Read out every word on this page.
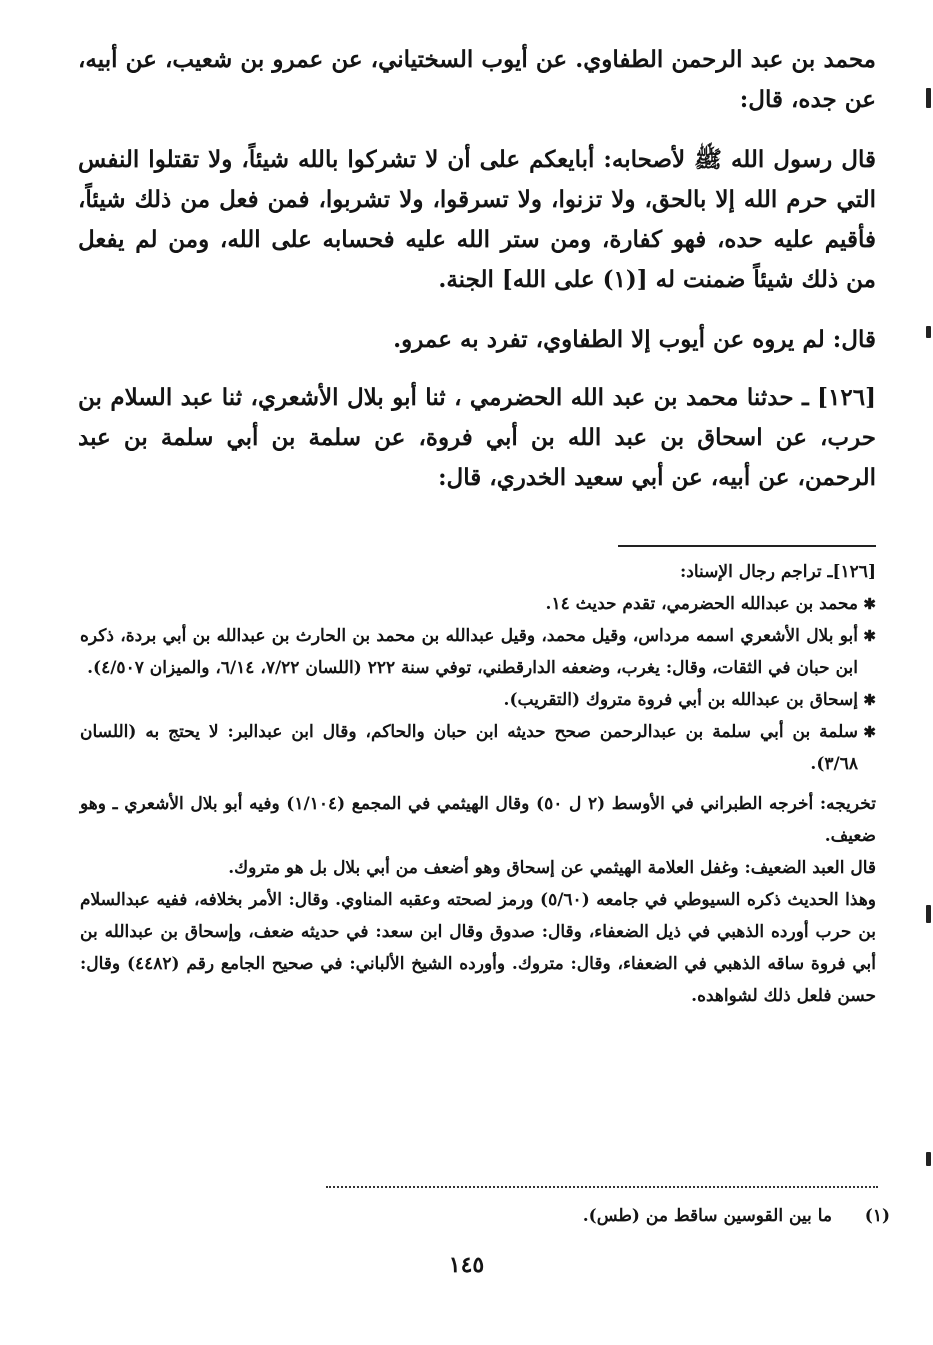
محمد بن عبد الرحمن الطفاوي. عن أيوب السختياني، عن عمرو بن شعيب، عن أبيه، عن جده، قال:

قال رسول الله ﷺ لأصحابه: أبايعكم على أن لا تشركوا بالله شيئاً، ولا تقتلوا النفس التي حرم الله إلا بالحق، ولا تزنوا، ولا تسرقوا، ولا تشربوا، فمن فعل من ذلك شيئاً، فأقيم عليه حده، فهو كفارة، ومن ستر الله عليه فحسابه على الله، ومن لم يفعل من ذلك شيئاً ضمنت له [(١) على الله] الجنة.

قال: لم يروه عن أيوب إلا الطفاوي، تفرد به عمرو.

[١٢٦] ـ حدثنا محمد بن عبد الله الحضرمي ، ثنا أبو بلال الأشعري، ثنا عبد السلام بن حرب، عن اسحاق بن عبد الله بن أبي فروة، عن سلمة بن أبي سلمة بن عبد الرحمن، عن أبيه، عن أبي سعيد الخدري، قال:

[١٢٦]ـ تراجم رجال الإسناد:

✱
محمد بن عبدالله الحضرمي، تقدم حديث ١٤.

✱
أبو بلال الأشعري اسمه مرداس، وقيل محمد، وقيل عبدالله بن محمد بن الحارث بن عبدالله بن أبي بردة، ذكره ابن حبان في الثقات، وقال: يغرب، وضعفه الدارقطني، توفي سنة ٢٢٢ (اللسان ٧/٢٢، ٦/١٤، والميزان ٤/٥٠٧).

✱
إسحاق بن عبدالله بن أبي فروة متروك (التقريب).

✱
سلمة بن أبي سلمة بن عبدالرحمن صحح حديثه ابن حبان والحاكم، وقال ابن عبدالبر: لا يحتج به (اللسان ٣/٦٨).

تخريجه: أخرجه الطبراني في الأوسط (٢ ل ٥٠) وقال الهيثمي في المجمع (١/١٠٤) وفيه أبو بلال الأشعري ـ وهو ضعيف.

قال العبد الضعيف: وغفل العلامة الهيثمي عن إسحاق وهو أضعف من أبي بلال بل هو متروك.

وهذا الحديث ذكره السيوطي في جامعه (٥/٦٠) ورمز لصحته وعقبه المناوي. وقال: الأمر بخلافه، ففيه عبدالسلام بن حرب أورده الذهبي في ذيل الضعفاء، وقال: صدوق وقال ابن سعد: في حديثه ضعف، وإسحاق بن عبدالله بن أبي فروة ساقه الذهبي في الضعفاء، وقال: متروك. وأورده الشيخ الألباني: في صحيح الجامع رقم (٤٤٨٢) وقال: حسن فلعل ذلك لشواهده.

(١)ما بين القوسين ساقط من (طس).
١٤٥
